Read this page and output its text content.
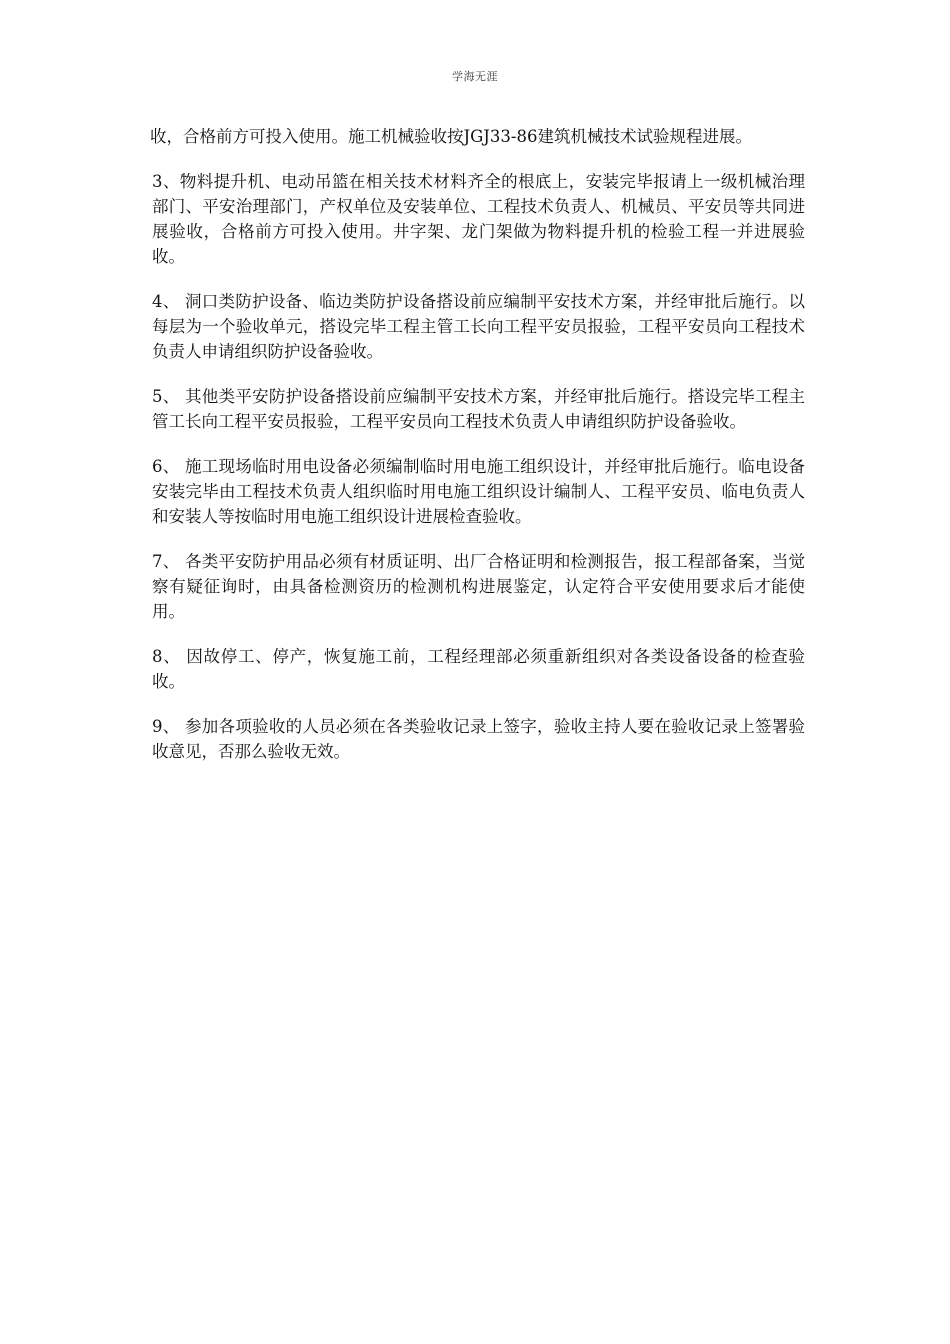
学海无涯

收，合格前方可投入使用。施工机械验收按JGJ33-86建筑机械技术试验规程进展。

3、物料提升机、电动吊篮在相关技术材料齐全的根底上，安装完毕报请上一级机械治理部门、平安治理部门，产权单位及安装单位、工程技术负责人、机械员、平安员等共同进展验收，合格前方可投入使用。井字架、龙门架做为物料提升机的检验工程一并进展验收。

4、 洞口类防护设备、临边类防护设备搭设前应编制平安技术方案，并经审批后施行。以每层为一个验收单元，搭设完毕工程主管工长向工程平安员报验，工程平安员向工程技术负责人申请组织防护设备验收。

5、 其他类平安防护设备搭设前应编制平安技术方案，并经审批后施行。搭设完毕工程主管工长向工程平安员报验，工程平安员向工程技术负责人申请组织防护设备验收。

6、 施工现场临时用电设备必须编制临时用电施工组织设计，并经审批后施行。临电设备安装完毕由工程技术负责人组织临时用电施工组织设计编制人、工程平安员、临电负责人和安装人等按临时用电施工组织设计进展检查验收。

7、 各类平安防护用品必须有材质证明、出厂合格证明和检测报告，报工程部备案，当觉察有疑征询时，由具备检测资历的检测机构进展鉴定，认定符合平安使用要求后才能使用。

8、 因故停工、停产，恢复施工前，工程经理部必须重新组织对各类设备设备的检查验收。

9、 参加各项验收的人员必须在各类验收记录上签字，验收主持人要在验收记录上签署验收意见，否那么验收无效。
